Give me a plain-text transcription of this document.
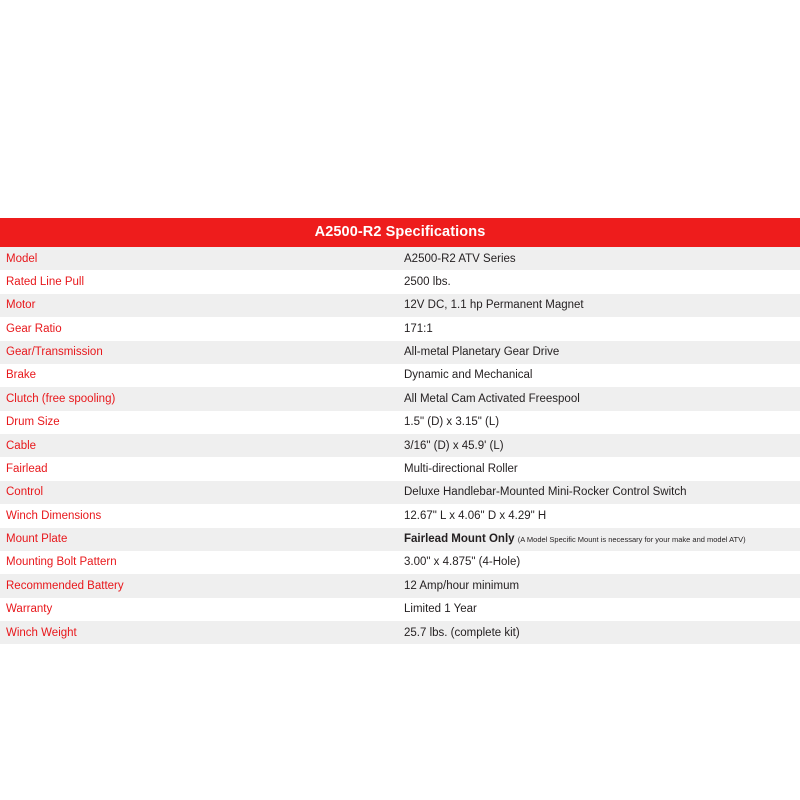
A2500-R2 Specifications	
Model	A2500-R2 ATV Series
Rated Line Pull	2500 lbs.
Motor	12V DC, 1.1 hp Permanent Magnet
Gear Ratio	171:1
Gear/Transmission	All-metal Planetary Gear Drive
Brake	Dynamic and Mechanical
Clutch (free spooling)	All Metal Cam Activated Freespool
Drum Size	1.5" (D) x 3.15" (L)
Cable	3/16" (D) x 45.9' (L)
Fairlead	Multi-directional Roller
Control	Deluxe Handlebar-Mounted Mini-Rocker Control Switch
Winch Dimensions	12.67" L x 4.06" D x 4.29" H
Mount Plate	Fairlead Mount Only (A Model Specific Mount is necessary for your make and model ATV)
Mounting Bolt Pattern	3.00" x 4.875" (4-Hole)
Recommended Battery	12 Amp/hour minimum
Warranty	Limited 1 Year
Winch Weight	25.7 lbs. (complete kit)
